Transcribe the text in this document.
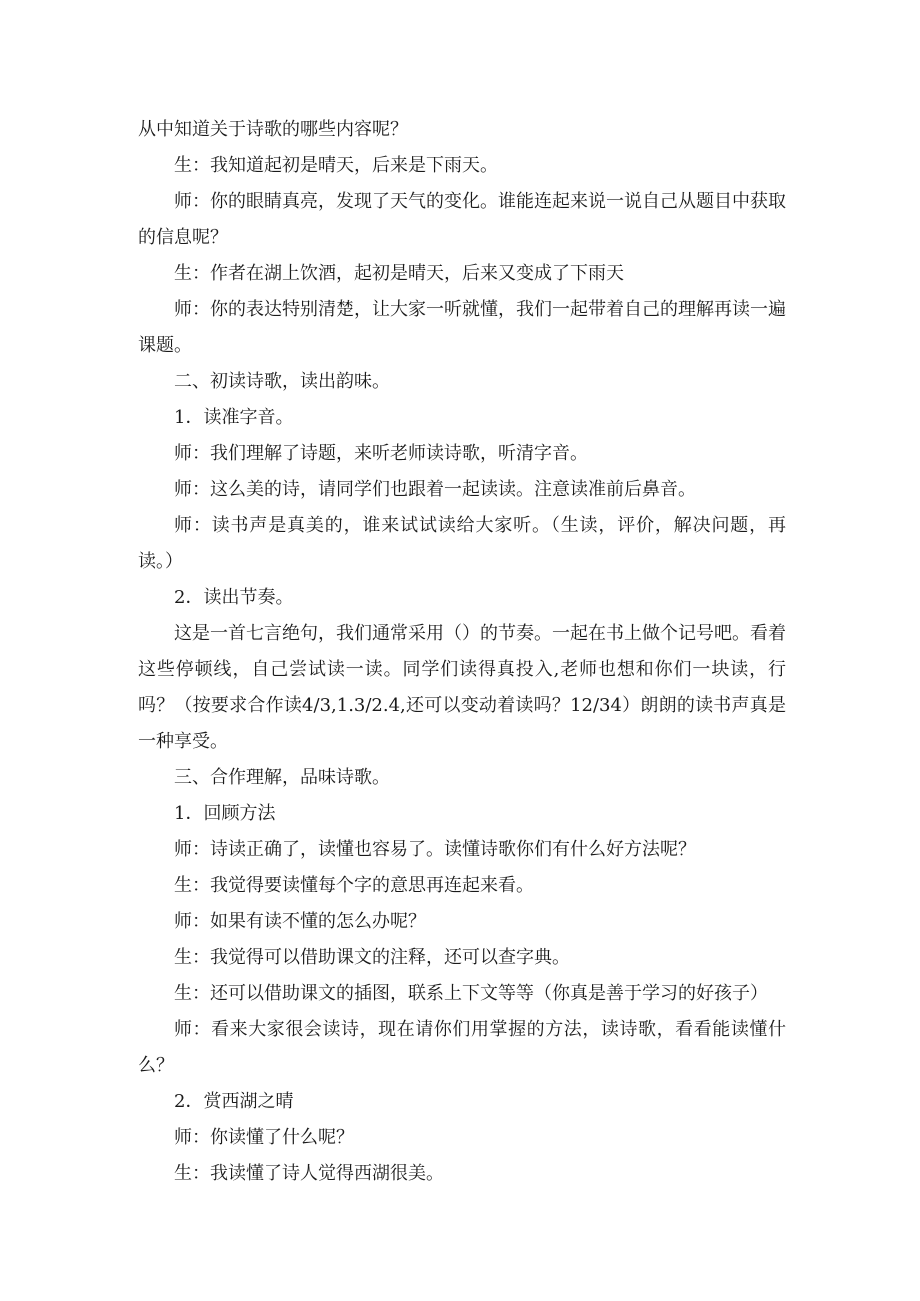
从中知道关于诗歌的哪些内容呢？

生：我知道起初是晴天，后来是下雨天。

师：你的眼睛真亮，发现了天气的变化。谁能连起来说一说自己从题目中获取的信息呢？

生：作者在湖上饮酒，起初是晴天，后来又变成了下雨天

师：你的表达特别清楚，让大家一听就懂，我们一起带着自己的理解再读一遍课题。

二、初读诗歌，读出韵味。

1．读准字音。

师：我们理解了诗题，来听老师读诗歌，听清字音。

师：这么美的诗，请同学们也跟着一起读读。注意读准前后鼻音。

师：读书声是真美的，谁来试试读给大家听。（生读，评价，解决问题，再读。）

2．读出节奏。

这是一首七言绝句，我们通常采用（）的节奏。一起在书上做个记号吧。看着这些停顿线，自己尝试读一读。同学们读得真投入,老师也想和你们一块读，行吗？（按要求合作读4/3,1.3/2.4,还可以变动着读吗？12/34）朗朗的读书声真是一种享受。

三、合作理解，品味诗歌。

1．回顾方法

师：诗读正确了，读懂也容易了。读懂诗歌你们有什么好方法呢？

生：我觉得要读懂每个字的意思再连起来看。

师：如果有读不懂的怎么办呢？

生：我觉得可以借助课文的注释，还可以查字典。

生：还可以借助课文的插图，联系上下文等等（你真是善于学习的好孩子）

师：看来大家很会读诗，现在请你们用掌握的方法，读诗歌，看看能读懂什么？

2．赏西湖之晴

师：你读懂了什么呢？

生：我读懂了诗人觉得西湖很美。
